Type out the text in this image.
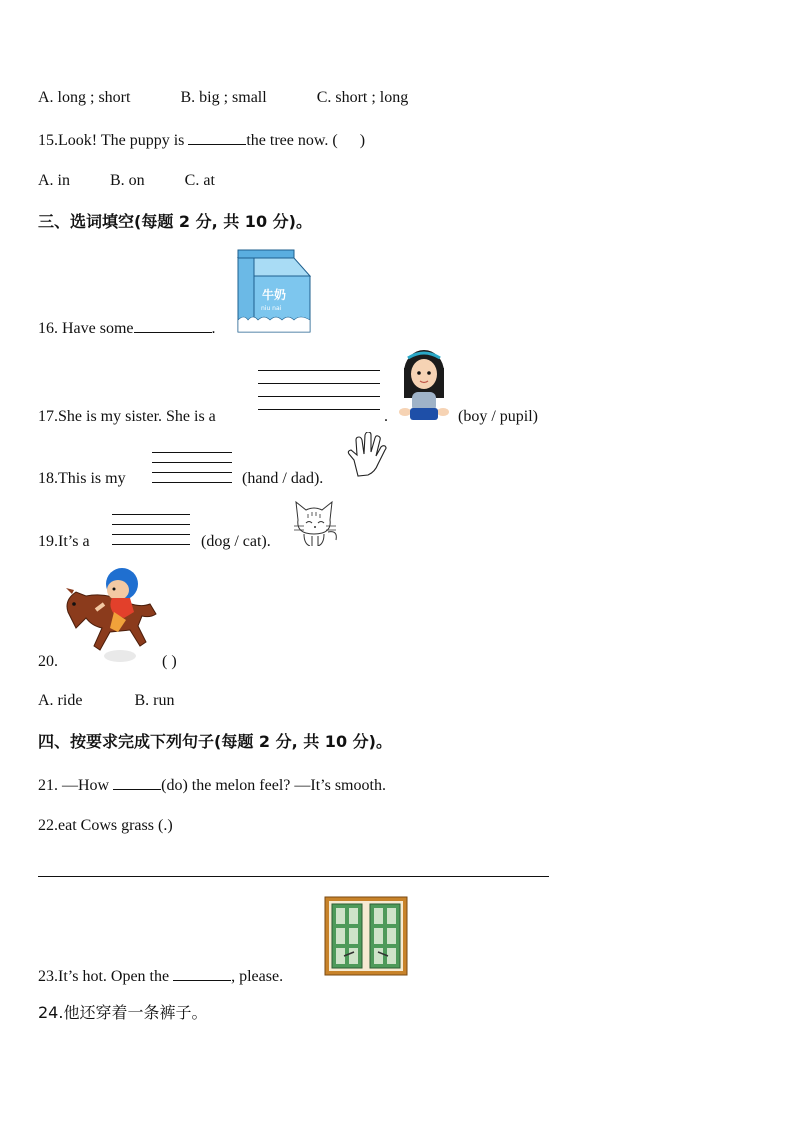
A. long ; short	B. big ; small	C. short ; long
15.Look! The puppy is	the tree now. ( )
A. in	B. on	C. at
三、选词填空(每题 2 分, 共 10 分)。
牛奶
niu nai
16. Have some	.
17.She is my sister. She is a	.	(boy / pupil)
18.This is my	(hand / dad).
19.It’s a	(dog / cat).
20.	( )
A. ride	B. run
四、按要求完成下列句子(每题 2 分, 共 10 分)。
21. —How	(do) the melon feel? —It’s smooth.
22.eat Cows grass (.)
23.It’s hot. Open the	, please.
24.他还穿着一条裤子。
